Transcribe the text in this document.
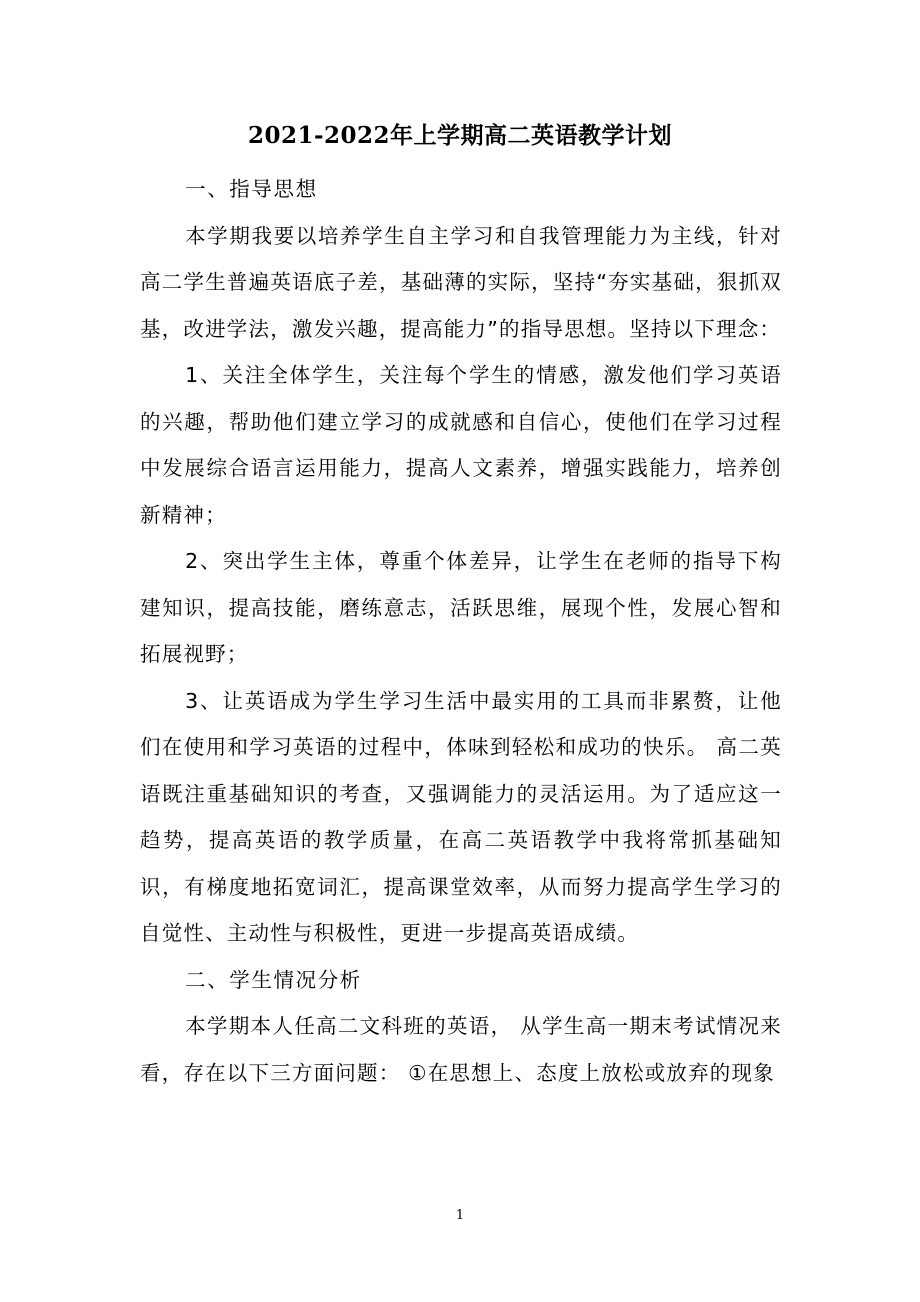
2021-2022年上学期高二英语教学计划

一、指导思想

本学期我要以培养学生自主学习和自我管理能力为主线，针对高二学生普遍英语底子差，基础薄的实际，坚持“夯实基础，狠抓双基，改进学法，激发兴趣，提高能力”的指导思想。坚持以下理念：

1、关注全体学生，关注每个学生的情感，激发他们学习英语的兴趣，帮助他们建立学习的成就感和自信心，使他们在学习过程中发展综合语言运用能力，提高人文素养，增强实践能力，培养创新精神；

2、突出学生主体，尊重个体差异，让学生在老师的指导下构建知识，提高技能，磨练意志，活跃思维，展现个性，发展心智和拓展视野；

3、让英语成为学生学习生活中最实用的工具而非累赘，让他们在使用和学习英语的过程中，体味到轻松和成功的快乐。 高二英语既注重基础知识的考查，又强调能力的灵活运用。为了适应这一趋势，提高英语的教学质量，在高二英语教学中我将常抓基础知识，有梯度地拓宽词汇，提高课堂效率，从而努力提高学生学习的自觉性、主动性与积极性，更进一步提高英语成绩。

二、学生情况分析

本学期本人任高二文科班的英语， 从学生高一期末考试情况来看，存在以下三方面问题： ①在思想上、态度上放松或放弃的现象

1
